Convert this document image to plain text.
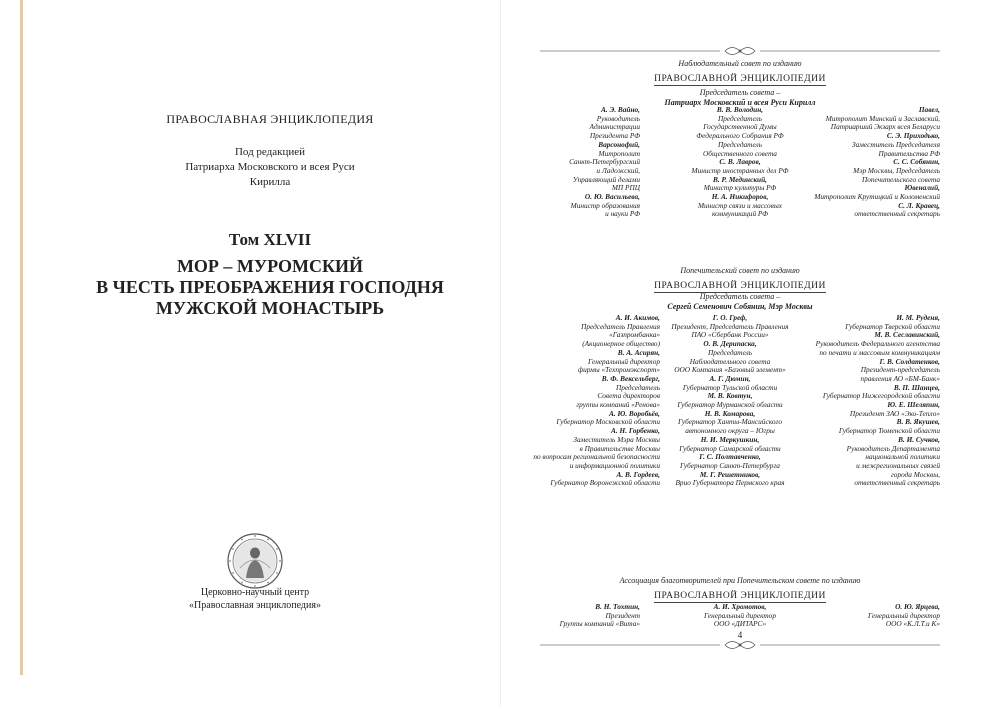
ПРАВОСЛАВНАЯ ЭНЦИКЛОПЕДИЯ
Под редакцией
Патриарха Московского и всея Руси
Кирилла
Том XLVII
МОР – МУРОМСКИЙ
В ЧЕСТЬ ПРЕОБРАЖЕНИЯ ГОСПОДНЯ
МУЖСКОЙ МОНАСТЫРЬ
Церковно-научный центр
«Православная энциклопедия»
Наблюдательный совет по изданию
ПРАВОСЛАВНОЙ ЭНЦИКЛОПЕДИИ
Председатель совета –
Патриарх Московский и всея Руси Кирилл
А. Э. Вайно,
Руководитель
Администрации
Президента РФ
Варсонофий,
Митрополит
Санкт-Петербургский
и Ладожский,
Управляющий делами
МП РПЦ
О. Ю. Васильева,
Министр образования
и науки РФ
В. В. Володин,
Председатель
Государственной Думы
Федерального Собрания РФ
Председатель
Общественного совета
С. В. Лавров,
Министр иностранных дел РФ
В. Р. Мединский,
Министр культуры РФ
Н. А. Никифоров,
Министр связи и массовых
коммуникаций РФ
Павел,
Митрополит Минский и Заславский,
Патриарший Экзарх всея Беларуси
С. Э. Приходько,
Заместитель Председателя
Правительства РФ
С. С. Собянин,
Мэр Москвы, Председатель
Попечительского совета
Ювеналий,
Митрополит Крутицкий и Коломенский
С. Л. Кравец,
ответственный секретарь
Попечительский совет по изданию
ПРАВОСЛАВНОЙ ЭНЦИКЛОПЕДИИ
Председатель совета –
Сергей Семенович Собянин, Мэр Москвы
А. И. Акимов,
Председатель Правления
«Газпромбанка»
(Акционерное общество)
В. А. Асирян,
Генеральный директор
фирмы «Техпромэкспорт»
В. Ф. Вексельберг,
Председатель
Совета директоров
группы компаний «Ренова»
А. Ю. Воробьёв,
Губернатор Московской области
А. Н. Горбенко,
Заместитель Мэра Москвы
в Правительстве Москвы
по вопросам региональной безопасности
и информационной политики
А. В. Гордеев,
Губернатор Воронежской области
Г. О. Греф,
Президент, Председатель Правления
ПАО «Сбербанк России»
О. В. Дерипаска,
Председатель
Наблюдательного совета
ООО Компания «Базовый элемент»
А. Г. Дюмин,
Губернатор Тульской области
М. В. Ковтун,
Губернатор Мурманской области
Н. В. Комарова,
Губернатор Ханты-Мансийского
автономного округа – Югры
Н. И. Меркушкин,
Губернатор Самарской области
Г. С. Полтавченко,
Губернатор Санкт-Петербурга
М. Г. Решетников,
Врио Губернатора Пермского края
И. М. Руденя,
Губернатор Тверской области
М. В. Сеславинский,
Руководитель Федерального агентства
по печати и массовым коммуникациям
Г. В. Солдатенков,
Президент-председатель
правления АО «БМ-Банк»
В. П. Шанцев,
Губернатор Нижегородской области
Ю. Е. Шеляпин,
Президент ЗАО «Эко-Тепло»
В. В. Якушев,
Губернатор Тюменской области
В. И. Сучков,
Руководитель Департамента
национальной политики
и межрегиональных связей
города Москвы,
ответственный секретарь
Ассоциация благотворителей при Попечительском совете по изданию
ПРАВОСЛАВНОЙ ЭНЦИКЛОПЕДИИ
В. Н. Тохтин,
Президент
Группы компаний «Вита»
А. И. Хромотов,
Генеральный директор
ООО «ДИТАРС»
О. Ю. Ярцева,
Генеральный директор
ООО «К.Л.Т.и К»
4
